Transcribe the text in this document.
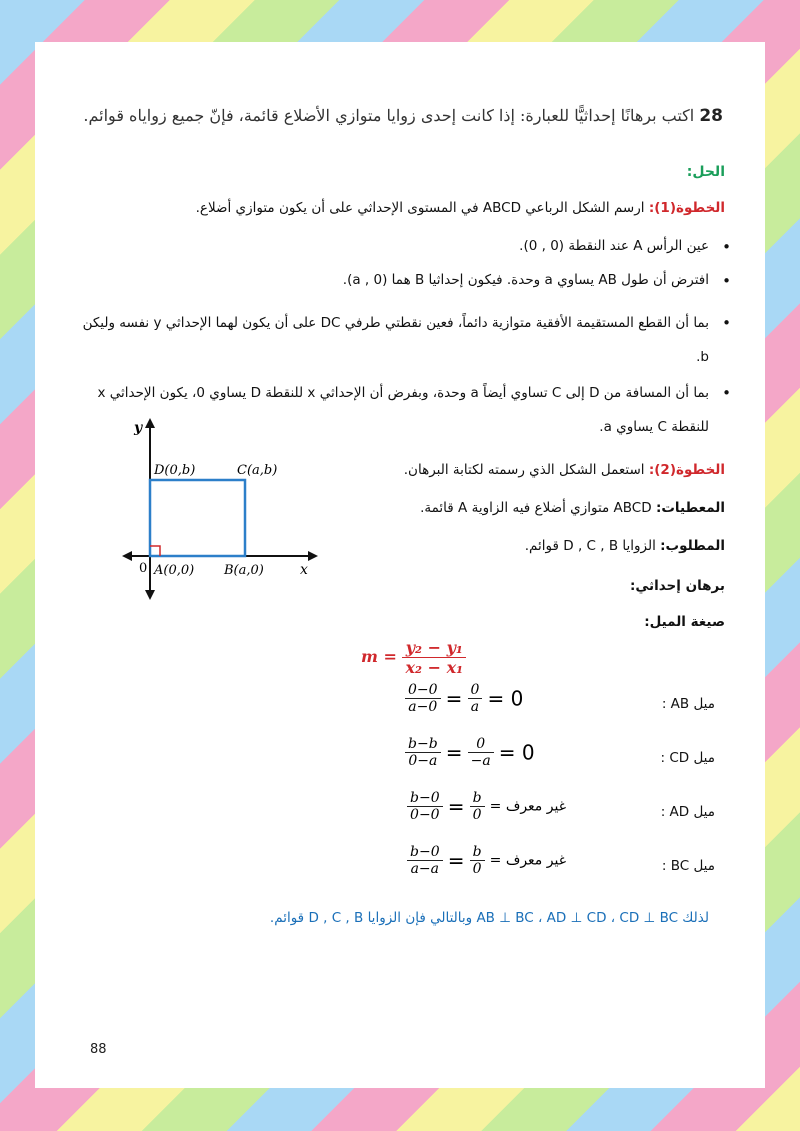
28 اكتب برهانًا إحداثيًّا للعبارة: إذا كانت إحدى زوايا متوازي الأضلاع قائمة، فإنّ جميع زواياه قوائم.
الحل:
الخطوة(1): ارسم الشكل الرباعي ABCD في المستوى الإحداثي على أن يكون متوازي أضلاع.
• عين الرأس A عند النقطة (0 , 0).
• افترض أن طول AB يساوي a وحدة. فيكون إحداثيا B هما (a , 0).
• بما أن القطع المستقيمة الأفقية متوازية دائماً، فعين نقطتي طرفي DC على أن يكون لهما الإحداثي y نفسه وليكن b.
• بما أن المسافة من D إلى C تساوي أيضاً a وحدة، وبفرض أن الإحداثي x للنقطة D يساوي 0، يكون الإحداثي x للنقطة C يساوي a.
y
x
0
D(0,b)	C(a,b)
A(0,0) B(a,0)
الخطوة(2): استعمل الشكل الذي رسمته لكتابة البرهان.
المعطيات: ABCD متوازي أضلاع فيه الزاوية A قائمة.
المطلوب: الزوايا D , C , B قوائم.
برهان إحداثي:
صيغة الميل:
$m = \frac{\text{y₂ − y₁}}{\text{x₂ − x₁}}$
$\frac{0-0}{a-0} = \frac{0}{a} = 0$	ميل AB :
$\frac{b-b}{0-a} = \frac{0}{-a} = 0$	ميل CD :
$\frac{b-0}{0-0} = \frac{b}{0}$ = غير معرف	ميل AD :
$\frac{b-0}{a-a} = \frac{b}{0}$ = غير معرف	ميل BC :
لذلك AB ⊥ BC ، AD ⊥ CD ، CD ⊥ BC وبالتالي فإن الزوايا D , C , B قوائم.
88
